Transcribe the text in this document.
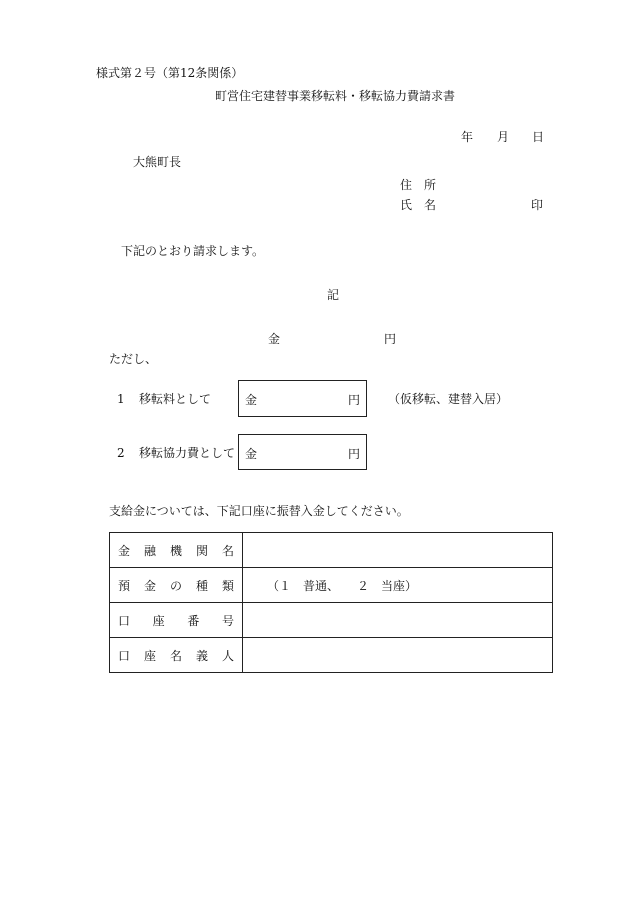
様式第２号（第12条関係）
町営住宅建替事業移転料・移転協力費請求書
年 月 日
大熊町長
住　所
氏　名	印
下記のとおり請求します。
記
金	円
ただし、
1 移転料として	金	円 （仮移転、建替入居）
2 移転協力費として 金	円
支給金については、下記口座に振替入金してください。
金融機関名	
預金の種類	（１　普通、　　２　当座）
口座番号	
口座名義人	
